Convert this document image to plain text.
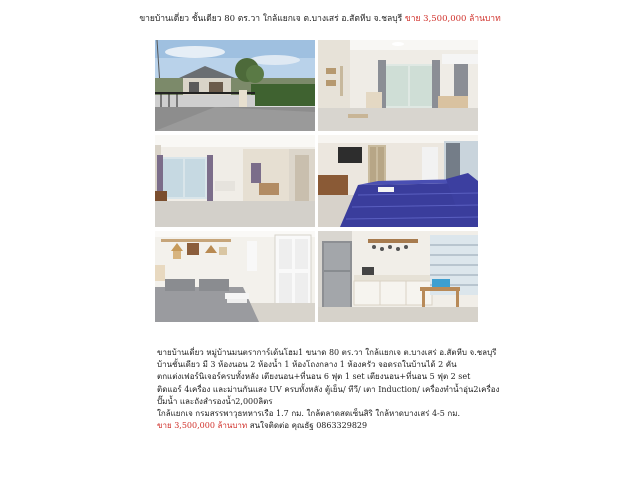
ขายบ้านเดี่ยว ชั้นเดียว 80 ตร.วา ใกล้แยกเจ ต.บางเสร่ อ.สัตหีบ จ.ชลบุรี ขาย 3,500,000 ล้านบาท

ขายบ้านเดี่ยว หมู่บ้านมนตราการ์เด้นโฮม1 ขนาด 80 ตร.วา ใกล้แยกเจ ต.บางเสร่ อ.สัตหีบ จ.ชลบุรี

บ้านชั้นเดียว มี 3 ห้องนอน 2 ห้องน้ำ 1 ห้องโถงกลาง 1 ห้องครัว จอดรถในบ้านได้ 2 คัน

ตกแต่งเฟอร์นิเจอร์ครบทั้งหลัง เตียงนอน+ที่นอน 6 ฟุต 1 set เตียงนอน+ที่นอน 5 ฟุต 2 set

ติดแอร์ 4เครื่อง และม่านกันแสง UV ครบทั้งหลัง ตู้เย็น/ ทีวี/ เตา Induction/ เครื่องทำน้ำอุ่น2เครื่อง

ปั๊มน้ำ และถังสำรองน้ำ2,000ลิตร

ใกล้แยกเจ กรมสรรพาวุธทหารเรือ 1.7 กม. ใกล้ตลาดสดเซ็นสิริ ใกล้หาดบางเสร่ 4-5 กม.

ขาย 3,500,000 ล้านบาท สนใจติดต่อ คุณธัฐ 0863329829
